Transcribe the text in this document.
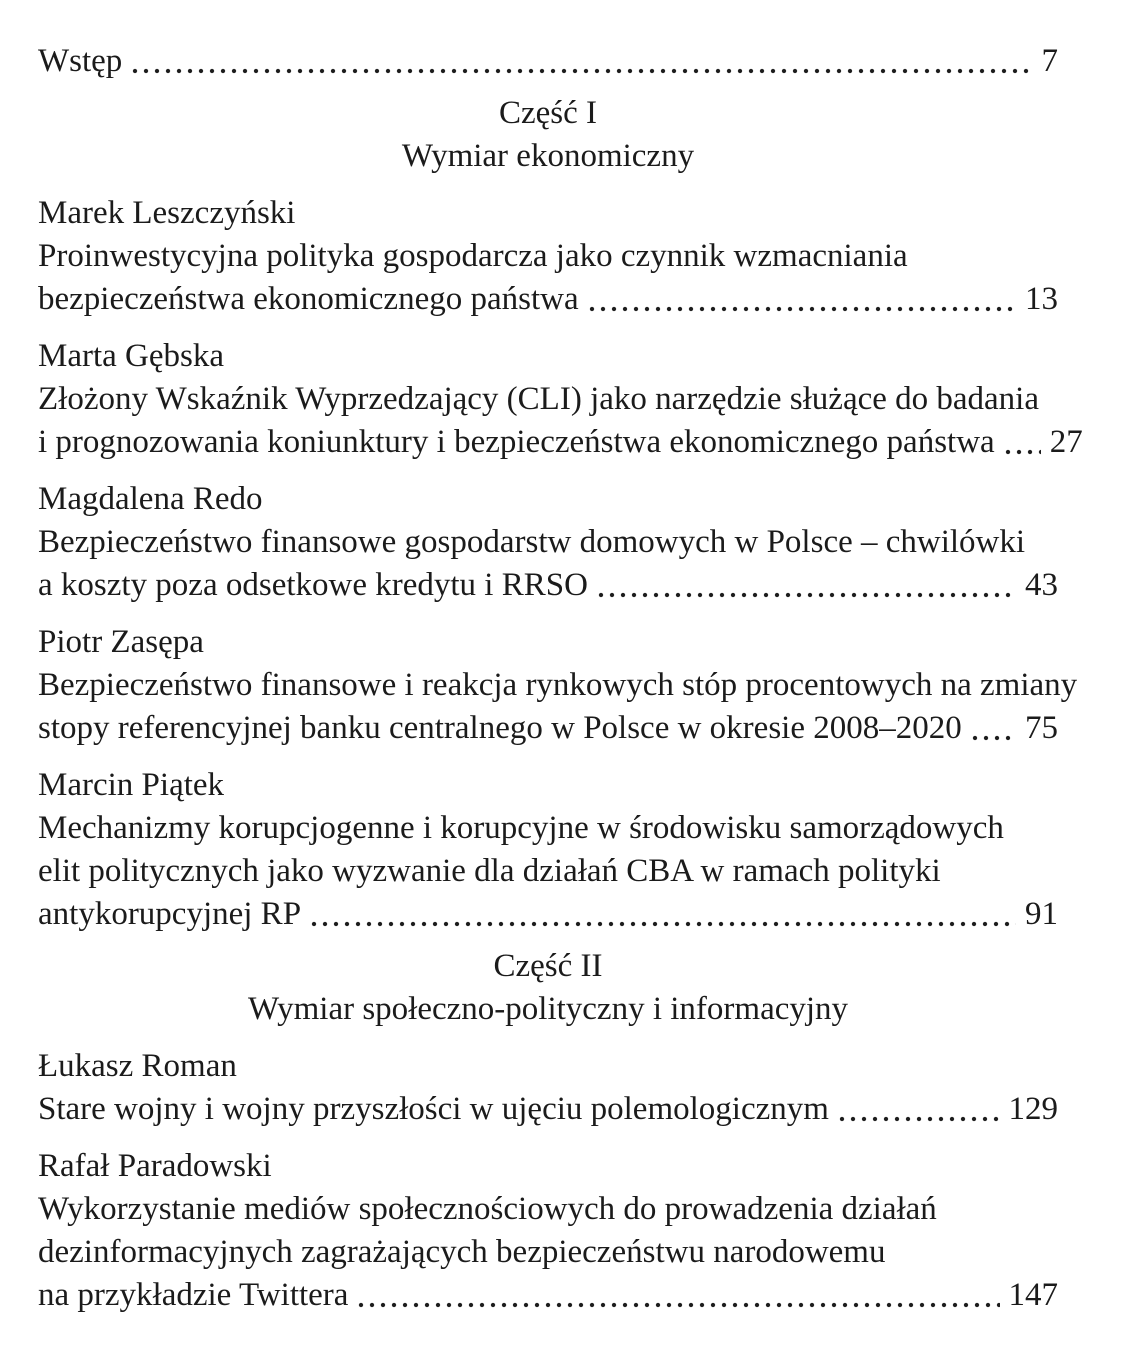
Wstęp	7
Część I
Wymiar ekonomiczny
Marek Leszczyński
Proinwestycyjna polityka gospodarcza jako czynnik wzmacniania
bezpieczeństwa ekonomicznego państwa	13
Marta Gębska
Złożony Wskaźnik Wyprzedzający (CLI) jako narzędzie służące do badania
i prognozowania koniunktury i bezpieczeństwa ekonomicznego państwa 27
Magdalena Redo
Bezpieczeństwo finansowe gospodarstw domowych w Polsce – chwilówki
a koszty poza odsetkowe kredytu i RRSO	43
Piotr Zasępa
Bezpieczeństwo finansowe i reakcja rynkowych stóp procentowych na zmiany
stopy referencyjnej banku centralnego w Polsce w okresie 2008–2020 75
Marcin Piątek
Mechanizmy korupcjogenne i korupcyjne w środowisku samorządowych
elit politycznych jako wyzwanie dla działań CBA w ramach polityki
antykorupcyjnej RP	91
Część II
Wymiar społeczno-polityczny i informacyjny
Łukasz Roman
Stare wojny i wojny przyszłości w ujęciu polemologicznym	129
Rafał Paradowski
Wykorzystanie mediów społecznościowych do prowadzenia działań
dezinformacyjnych zagrażających bezpieczeństwu narodowemu
na przykładzie Twittera	147
